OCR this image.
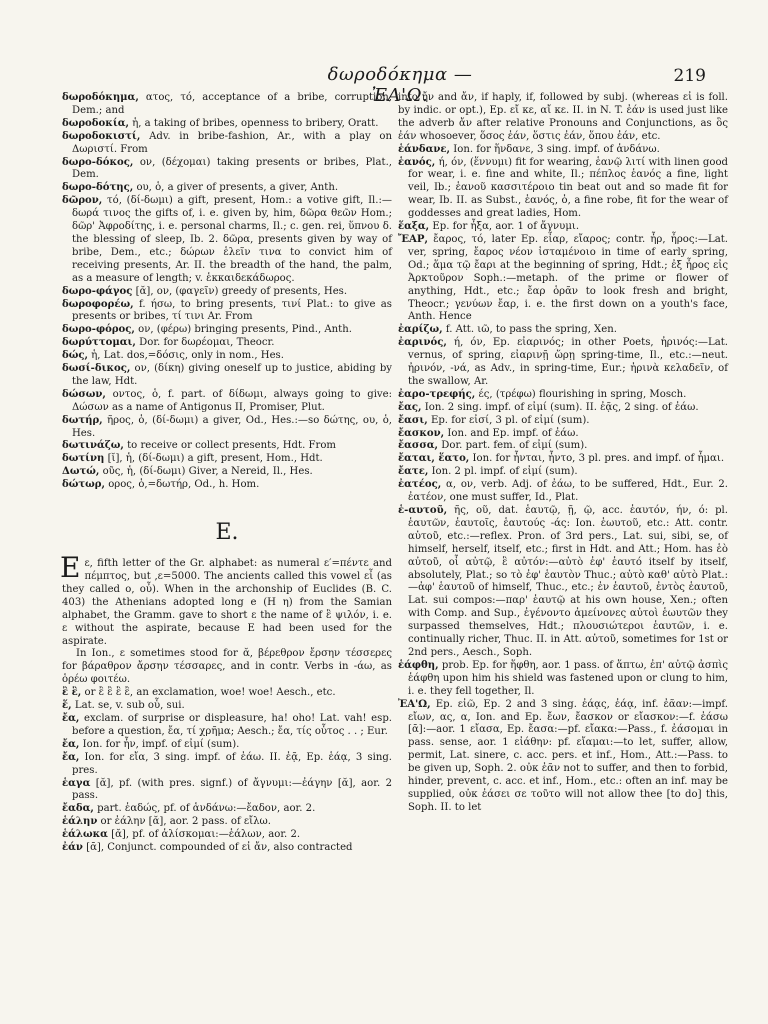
δωροδόκημα — ἘΑ'Ω.
219

δωροδόκημα, ατος, τό, acceptance of a bribe, corruption, Dem.; and

δωροδοκία, ἡ, a taking of bribes, openness to bribery, Oratt.

δωροδοκιστί, Adv. in bribe-fashion, Ar., with a play on Δωριστί. From

δωρο-δόκος, ον, (δέχομαι) taking presents or bribes, Plat., Dem.

δωρο-δότης, ου, ὁ, a giver of presents, a giver, Anth.

δῶρον, τό, (δί-δωμι) a gift, present, Hom.: a votive gift, Il.:—δωρά τινος the gifts of, i. e. given by, him, δῶρα θεῶν Hom.; δῶρ' Ἀφροδίτης, i. e. personal charms, Il.; c. gen. rei, ὕπνου δ. the blessing of sleep, Ib. 2. δῶρα, presents given by way of bribe, Dem., etc.; δώρων ἑλεῖν τινα to convict him of receiving presents, Ar. II. the breadth of the hand, the palm, as a measure of length; v. ἑκκαιδεκάδωρος.

δωρο-φάγος [ᾰ], ον, (φαγεῖν) greedy of presents, Hes.

δωροφορέω, f. ήσω, to bring presents, τινί Plat.: to give as presents or bribes, τί τινι Ar. From

δωρο-φόρος, ον, (φέρω) bringing presents, Pind., Anth.

δωρύττομαι, Dor. for δωρέομαι, Theocr.

δώς, ἡ, Lat. dos,=δόσις, only in nom., Hes.

δωσί-δικος, ον, (δίκη) giving oneself up to justice, abiding by the law, Hdt.

δώσων, οντος, ὁ, f. part. of δίδωμι, always going to give: Δώσων as a name of Antigonus II, Promiser, Plut.

δωτήρ, ῆρος, ὁ, (δί-δωμι) a giver, Od., Hes.:—so δώτης, ου, ὁ, Hes.

δωτινάζω, to receive or collect presents, Hdt. From

δωτίνη [ῐ], ἡ, (δί-δωμι) a gift, present, Hom., Hdt.

Δωτώ, οῦς, ἡ, (δί-δωμι) Giver, a Nereid, Il., Hes.

δώτωρ, ορος, ὁ,=δωτήρ, Od., h. Hom.

E.

Eε, fifth letter of the Gr. alphabet: as numeral ε′=πέντε and πέμπτος, but ,ε=5000. The ancients called this vowel εἶ (as they called ο, οὖ). When in the archonship of Euclides (B. C. 403) the Athenians adopted long e (H η) from the Samian alphabet, the Gramm. gave to short ε the name of ἒ ψιλόν, i. e. ε without the aspirate, because E had been used for the aspirate.

In Ion., ε sometimes stood for ᾰ, βέρεθρον ἔρσην τέσσερες for βάραθρον ἄρσην τέσσαρες, and in contr. Verbs in -άω, as ὁρέω φοιτέω.

ἒ ἒ, or ἒ ἒ ἒ ἒ, an exclamation, woe! woe! Aesch., etc.

ἕ, Lat. se, v. sub οὗ, sui.

ἔα, exclam. of surprise or displeasure, ha! oho! Lat. vah! esp. before a question, ἔα, τί χρῆμα; Aesch.; ἔα, τίς οὗτος . . ; Eur.

ἔα, Ion. for ἦν, impf. of εἰμί (sum).

ἔα, Ion. for εἴα, 3 sing. impf. of ἐάω. II. ἐᾷ, Ep. ἑάᾳ, 3 sing. pres.

ἑαγα [ᾰ], pf. (with pres. signf.) of ἄγνυμι:—ἐάγην [ᾰ], aor. 2 pass.

ἔαδα, part. ἑαδώς, pf. of ἁνδάνω:—ἔαδον, aor. 2.

ἑάλην or ἐάλην [ᾰ], aor. 2 pass. of εἴλω.

ἑάλωκα [ᾰ], pf. of ἁλίσκομαι:—ἑάλων, aor. 2.

ἐάν [ᾱ], Conjunct. compounded of εἰ ἄν, also contracted

into ἤν and ἄν, if haply, if, followed by subj. (whereas εἰ is foll. by indic. or opt.), Ep. εἴ κε, αἴ κε. II. in N. T. ἐάν is used just like the adverb ἄν after relative Pronouns and Conjunctions, as ὃς ἐάν whosoever, ὅσος ἐάν, ὅστις ἐάν, ὅπου ἐάν, etc.

ἑάνδανε, Ion. for ἥνδανε, 3 sing. impf. of ἁνδάνω.

ἑανός, ή, όν, (ἕννυμι) fit for wearing, ἑανῷ λιτί with linen good for wear, i. e. fine and white, Il.; πέπλος ἑανός a fine, light veil, Ib.; ἑανοῦ κασσιτέροιο tin beat out and so made fit for wear, Ib. II. as Subst., ἑανός, ὁ, a fine robe, fit for the wear of goddesses and great ladies, Hom.

ἕαξα, Ep. for ἦξα, aor. 1 of ἄγνυμι.

ἜΑΡ, ἔαρος, τό, later Ep. εἶαρ, εἴαρος; contr. ἦρ, ἦρος:—Lat. ver, spring, ἔαρος νέον ἱσταμένοιο in time of early spring, Od.; ἅμα τῷ ἔαρι at the beginning of spring, Hdt.; ἐξ ἦρος εἰς Ἀρκτοῦρον Soph.:—metaph. of the prime or flower of anything, Hdt., etc.; ἔαρ ὁρᾶν to look fresh and bright, Theocr.; γενύων ἔαρ, i. e. the first down on a youth's face, Anth. Hence

ἐαρίζω, f. Att. ιῶ, to pass the spring, Xen.

ἐαρινός, ή, όν, Ep. εἰαρινός; in other Poets, ἠρινός:—Lat. vernus, of spring, εἰαρινῇ ὥρῃ spring-time, Il., etc.:—neut. ἠρινόν, -νά, as Adv., in spring-time, Eur.; ἠρινὰ κελαδεῖν, of the swallow, Ar.

ἐαρο-τρεφής, ές, (τρέφω) flourishing in spring, Mosch.

ἔας, Ion. 2 sing. impf. of εἰμί (sum). II. ἐᾷς, 2 sing. of ἐάω.

ἔασι, Ep. for εἰσί, 3 pl. of εἰμί (sum).

ἔασκον, Ion. and Ep. impf. of ἐάω.

ἔασσα, Dor. part. fem. of εἰμί (sum).

ἔαται, ἕατο, Ion. for ἧνται, ἧντο, 3 pl. pres. and impf. of ἧμαι.

ἔατε, Ion. 2 pl. impf. of εἰμί (sum).

ἐατέος, α, ον, verb. Adj. of ἐάω, to be suffered, Hdt., Eur. 2. ἐατέον, one must suffer, Id., Plat.

ἑ-αυτοῦ, ῆς, οῦ, dat. ἑαυτῷ, ῇ, ῷ, acc. ἑαυτόν, ήν, ό: pl. ἑαυτῶν, ἑαυτοῖς, ἑαυτούς -άς: Ion. ἑωυτοῦ, etc.: Att. contr. αὑτοῦ, etc.:—reflex. Pron. of 3rd pers., Lat. sui, sibi, se, of himself, herself, itself, etc.; first in Hdt. and Att.; Hom. has ἑὸ αὐτοῦ, οἷ αὐτῷ, ἓ αὐτόν:—αὐτὸ ἐφ' ἑαυτό itself by itself, absolutely, Plat.; so τὸ ἐφ' ἑαυτὸν Thuc.; αὐτὸ καθ' αὑτὸ Plat.:—ἀφ' ἑαυτοῦ of himself, Thuc., etc.; ἐν ἑαυτοῦ, ἐντὸς ἑαυτοῦ, Lat. sui compos:—παρ' ἑαυτῷ at his own house, Xen.; often with Comp. and Sup., ἐγένοντο ἀμείνονες αὐτοὶ ἑωυτῶν they surpassed themselves, Hdt.; πλουσιώτεροι ἑαυτῶν, i. e. continually richer, Thuc. II. in Att. αὑτοῦ, sometimes for 1st or 2nd pers., Aesch., Soph.

ἑάφθη, prob. Ep. for ἥφθη, aor. 1 pass. of ἅπτω, ἐπ' αὐτῷ ἀσπὶς ἑάφθη upon him his shield was fastened upon or clung to him, i. e. they fell together, Il.

ἘΑ'Ω, Ep. εἰῶ, Ep. 2 and 3 sing. ἐάᾳς, ἐάᾳ, inf. ἐᾶαν:—impf. εἴων, ας, α, Ion. and Ep. ἔων, ἔασκον or εἴασκον:—f. ἐάσω [ᾱ]:—aor. 1 εἴασα, Ep. ἔασα:—pf. εἴακα:—Pass., f. ἐάσομαι in pass. sense, aor. 1 εἰάθην: pf. εἴαμαι:—to let, suffer, allow, permit, Lat. sinere, c. acc. pers. et inf., Hom., Att.:—Pass. to be given up, Soph. 2. οὐκ ἐᾶν not to suffer, and then to forbid, hinder, prevent, c. acc. et inf., Hom., etc.: often an inf. may be supplied, οὐκ ἐάσει σε τοῦτο will not allow thee [to do] this, Soph. II. to let
